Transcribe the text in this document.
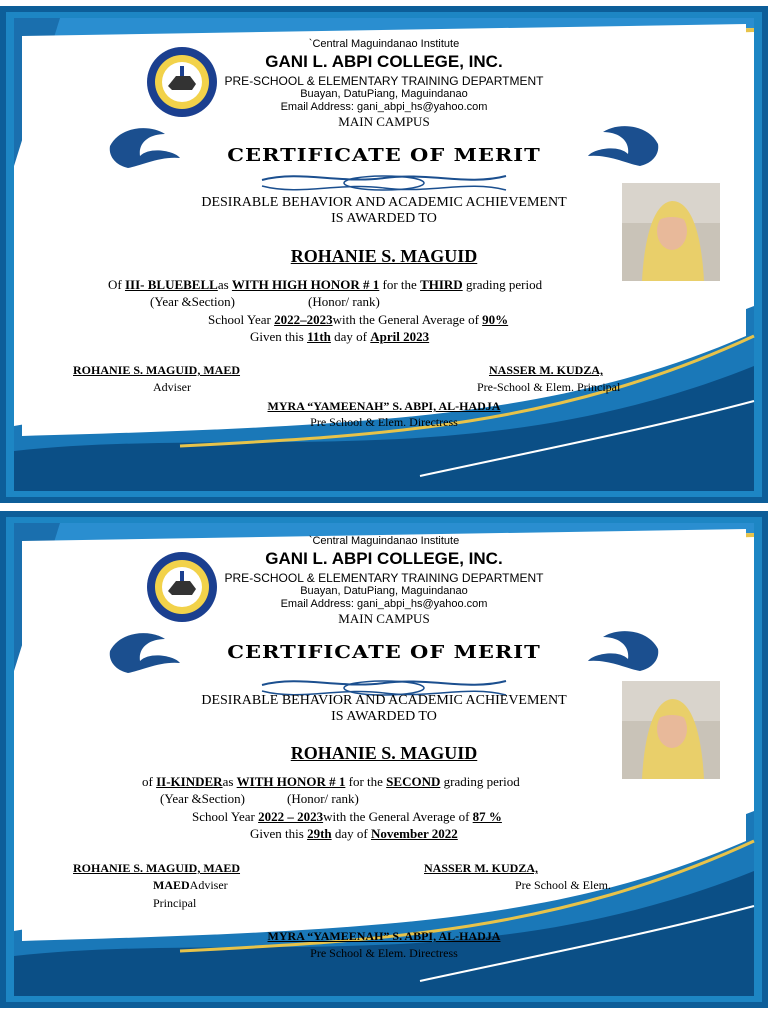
`Central Maguindanao Institute
GANI L. ABPI COLLEGE, INC.
PRE-SCHOOL & ELEMENTARY TRAINING DEPARTMENT
Buayan, DatuPiang, Maguindanao
Email Address: gani_abpi_hs@yahoo.com
MAIN CAMPUS
CERTIFICATE OF MERIT
DESIRABLE BEHAVIOR AND ACADEMIC ACHIEVEMENT
IS AWARDED TO
ROHANIE S. MAGUID
Of III- BLUEBELLas WITH HIGH HONOR # 1 for the THIRD grading period
(Year &Section)	(Honor/ rank)
School Year 2022–2023with the General Average of 90%
Given this 11th day of April 2023
ROHANIE S. MAGUID, MAED
Adviser
NASSER M. KUDZA,
Pre-School & Elem. Principal
MYRA “YAMEENAH” S. ABPI, AL-HADJA
Pre School & Elem. Directress
`Central Maguindanao Institute
GANI L. ABPI COLLEGE, INC.
PRE-SCHOOL & ELEMENTARY TRAINING DEPARTMENT
Buayan, DatuPiang, Maguindanao
Email Address: gani_abpi_hs@yahoo.com
MAIN CAMPUS
CERTIFICATE OF MERIT
DESIRABLE BEHAVIOR AND ACADEMIC ACHIEVEMENT
IS AWARDED TO
ROHANIE S. MAGUID
of II-KINDERas WITH HONOR # 1 for the SECOND grading period
(Year &Section)	(Honor/ rank)
School Year 2022 – 2023with the General Average of 87 %
Given this 29th day of November 2022
ROHANIE S. MAGUID, MAED
MAEDAdviser
Principal
NASSER M. KUDZA,
Pre School & Elem.
MYRA “YAMEENAH” S. ABPI, AL-HADJA
Pre School & Elem. Directress
